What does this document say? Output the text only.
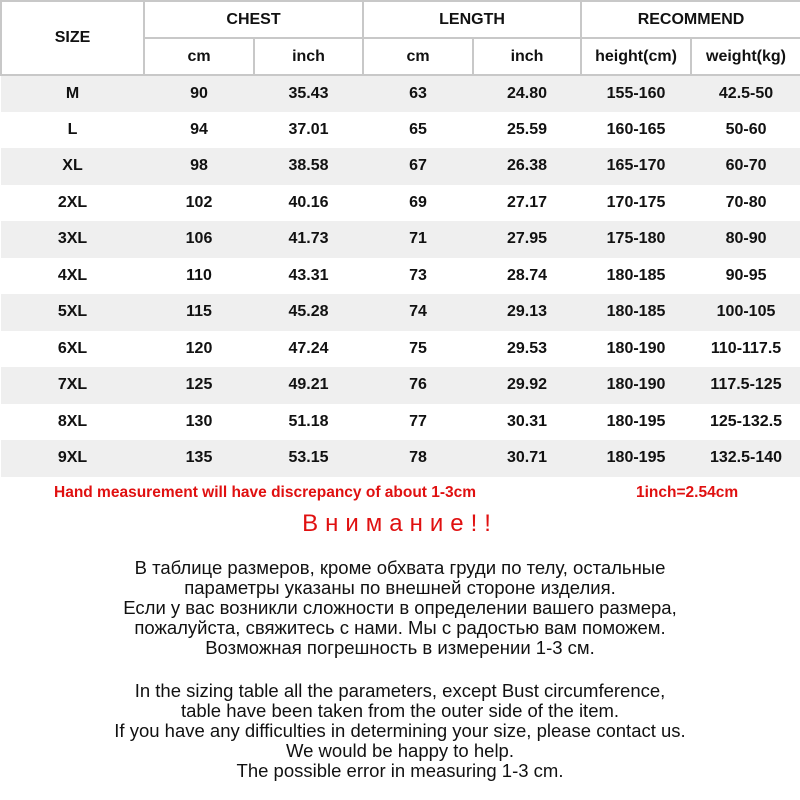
SIZE	CHEST		LENGTH		RECOMMEND	
	cm	inch	cm	inch	height(cm)	weight(kg)
M	90	35.43	63	24.80	155-160	42.5-50
L	94	37.01	65	25.59	160-165	50-60
XL	98	38.58	67	26.38	165-170	60-70
2XL	102	40.16	69	27.17	170-175	70-80
3XL	106	41.73	71	27.95	175-180	80-90
4XL	110	43.31	73	28.74	180-185	90-95
5XL	115	45.28	74	29.13	180-185	100-105
6XL	120	47.24	75	29.53	180-190	110-117.5
7XL	125	49.21	76	29.92	180-190	117.5-125
8XL	130	51.18	77	30.31	180-195	125-132.5
9XL	135	53.15	78	30.71	180-195	132.5-140
Hand measurement will have discrepancy of about 1-3cm	1inch=2.54cm
Внимание!!
В таблице размеров, кроме обхвата груди по телу, остальные
параметры указаны по внешней стороне изделия.
Если у вас возникли сложности в определении вашего размера,
пожалуйста, свяжитесь с нами. Мы с радостью вам поможем.
Возможная погрешность в измерении 1-3 см.
In the sizing table all the parameters, except Bust circumference,
table have been taken from the outer side of the item.
If you have any difficulties in determining your size, please contact us.
We would be happy to help.
The possible error in measuring 1-3 cm.
